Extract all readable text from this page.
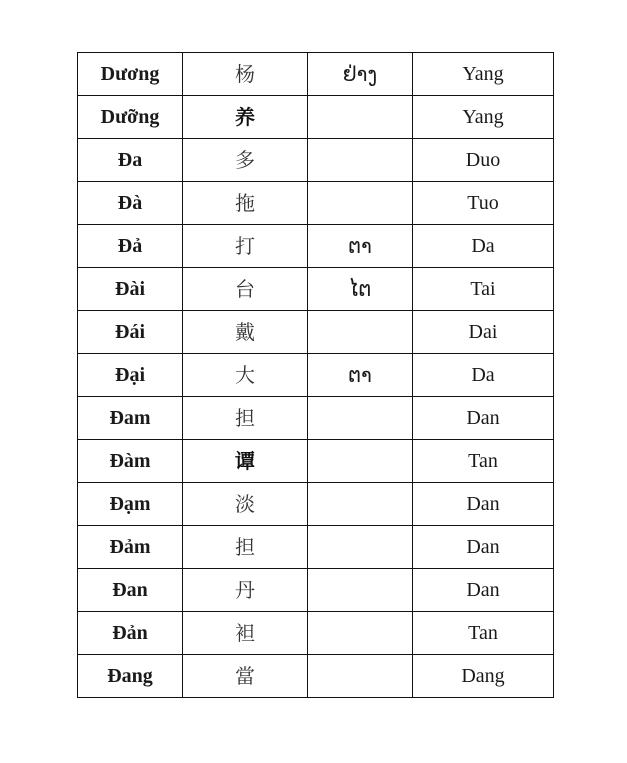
Dương	杨	ຢ່າງ	Yang
Dưỡng	养		Yang
Đa	多		Duo
Đà	拖		Tuo
Đả	打	ຕາ	Da
Đài	台	ໄຕ	Tai
Đái	戴		Dai
Đại	大	ຕາ	Da
Đam	担		Dan
Đàm	谭		Tan
Đạm	淡		Dan
Đảm	担		Dan
Đan	丹		Dan
Đản	袒		Tan
Đang	當		Dang
